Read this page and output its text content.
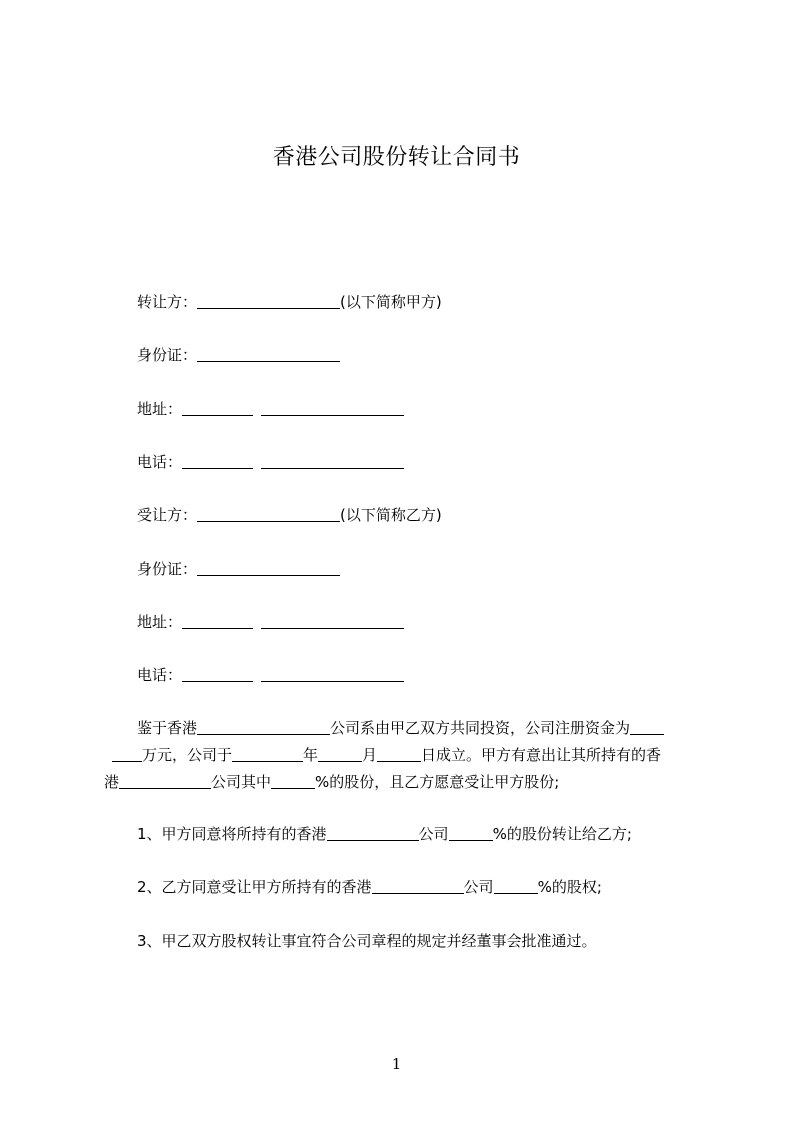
香港公司股份转让合同书
转让方：	(以下简称甲方)
身份证：
地址：
电话：
受让方：	(以下简称乙方)
身份证：
地址：
电话：
鉴于香港	公司系由甲乙双方共同投资，公司注册资金为
万元，公司于	年	月	日成立。甲方有意出让其所持有的香
港	公司其中	%的股份，且乙方愿意受让甲方股份;
1、甲方同意将所持有的香港	公司	%的股份转让给乙方;
2、乙方同意受让甲方所持有的香港	公司	%的股权;
3、甲乙双方股权转让事宜符合公司章程的规定并经董事会批准通过。
1
